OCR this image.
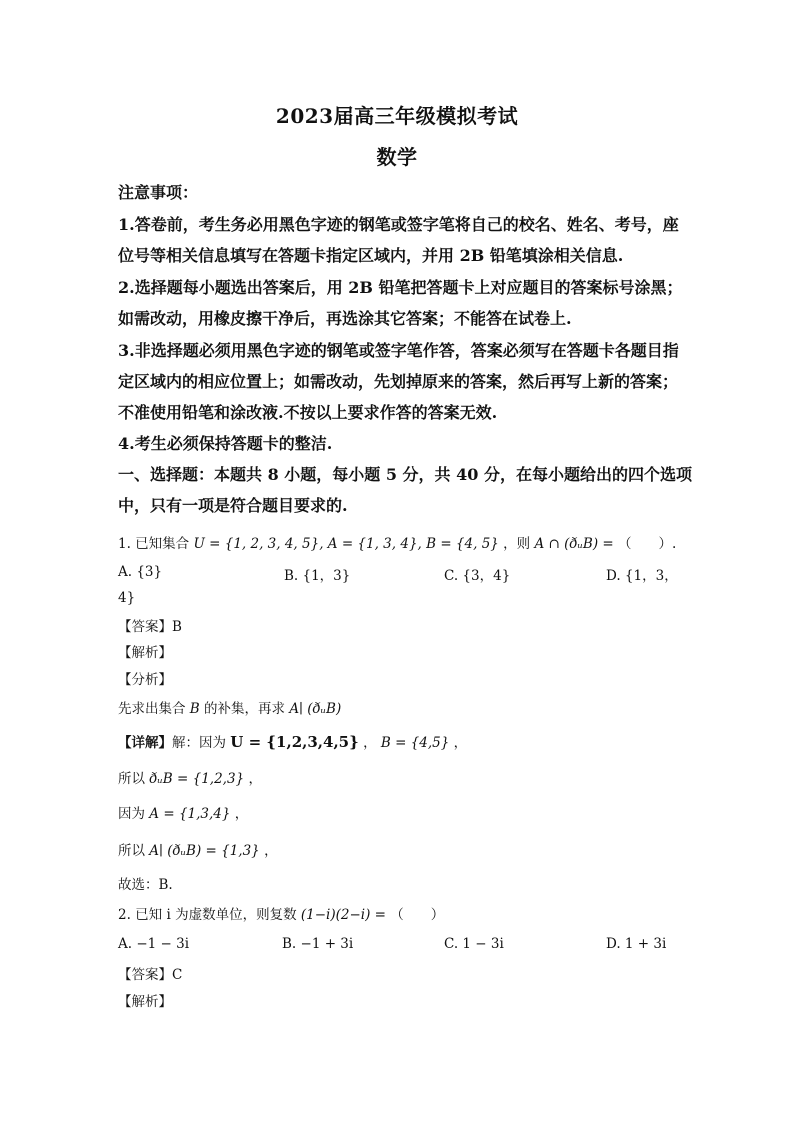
2023届高三年级模拟考试
数学
注意事项：
1.答卷前，考生务必用黑色字迹的钢笔或签字笔将自己的校名、姓名、考号，座
位号等相关信息填写在答题卡指定区域内，并用 2B 铅笔填涂相关信息.
2.选择题每小题选出答案后，用 2B 铅笔把答题卡上对应题目的答案标号涂黑；
如需改动，用橡皮擦干净后，再选涂其它答案；不能答在试卷上.
3.非选择题必须用黑色字迹的钢笔或签字笔作答，答案必须写在答题卡各题目指
定区域内的相应位置上；如需改动，先划掉原来的答案，然后再写上新的答案；
不准使用铅笔和涂改液.不按以上要求作答的答案无效.
4.考生必须保持答题卡的整洁.
一、选择题：本题共 8 小题，每小题 5 分，共 40 分，在每小题给出的四个选项
中，只有一项是符合题目要求的.
1. 已知集合 U = {1, 2, 3, 4, 5}, A = {1, 3, 4}, B = {4, 5} ，则 A ∩ (ðᵤB) = （　　）.
A. {3}	B. {1，3}	C. {3，4}	D. {1，3，
4}
【答案】B
【解析】
【分析】
先求出集合 B 的补集，再求 A∣ (ðᵤB)
【详解】解：因为 U = {1,2,3,4,5} ， B = {4,5} ，
所以 ðᵤB = {1,2,3} ，
因为 A = {1,3,4} ，
所以 A∣ (ðᵤB) = {1,3} ，
故选：B.
2. 已知 i 为虚数单位，则复数 (1−i)(2−i) = （　　）
A. −1 − 3i	B. −1 + 3i	C. 1 − 3i	D. 1 + 3i
【答案】C
【解析】
